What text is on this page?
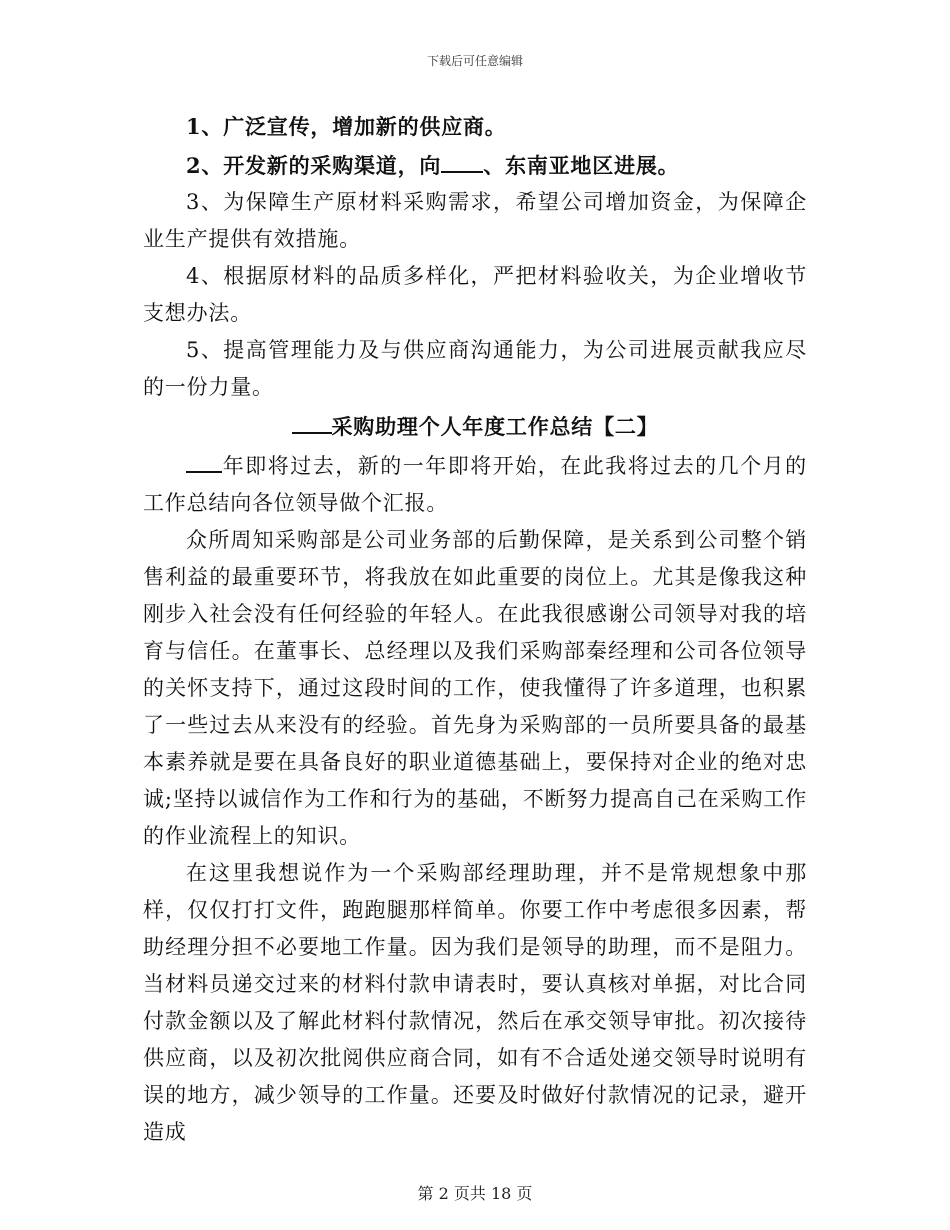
下载后可任意编辑

1、广泛宣传，增加新的供应商。

2、开发新的采购渠道，向 、东南亚地区进展。

3、为保障生产原材料采购需求，希望公司增加资金，为保障企业生产提供有效措施。

4、根据原材料的品质多样化，严把材料验收关，为企业增收节支想办法。

5、提高管理能力及与供应商沟通能力，为公司进展贡献我应尽的一份力量。

采购助理个人年度工作总结【二】

年即将过去，新的一年即将开始，在此我将过去的几个月的工作总结向各位领导做个汇报。

众所周知采购部是公司业务部的后勤保障，是关系到公司整个销售利益的最重要环节，将我放在如此重要的岗位上。尤其是像我这种刚步入社会没有任何经验的年轻人。在此我很感谢公司领导对我的培育与信任。在董事长、总经理以及我们采购部秦经理和公司各位领导的关怀支持下，通过这段时间的工作，使我懂得了许多道理，也积累了一些过去从来没有的经验。首先身为采购部的一员所要具备的最基本素养就是要在具备良好的职业道德基础上，要保持对企业的绝对忠诚;坚持以诚信作为工作和行为的基础，不断努力提高自己在采购工作的作业流程上的知识。

在这里我想说作为一个采购部经理助理，并不是常规想象中那样，仅仅打打文件，跑跑腿那样简单。你要工作中考虑很多因素，帮助经理分担不必要地工作量。因为我们是领导的助理，而不是阻力。当材料员递交过来的材料付款申请表时，要认真核对单据，对比合同付款金额以及了解此材料付款情况，然后在承交领导审批。初次接待供应商，以及初次批阅供应商合同，如有不合适处递交领导时说明有误的地方，减少领导的工作量。还要及时做好付款情况的记录，避开造成

第 2 页共 18 页
